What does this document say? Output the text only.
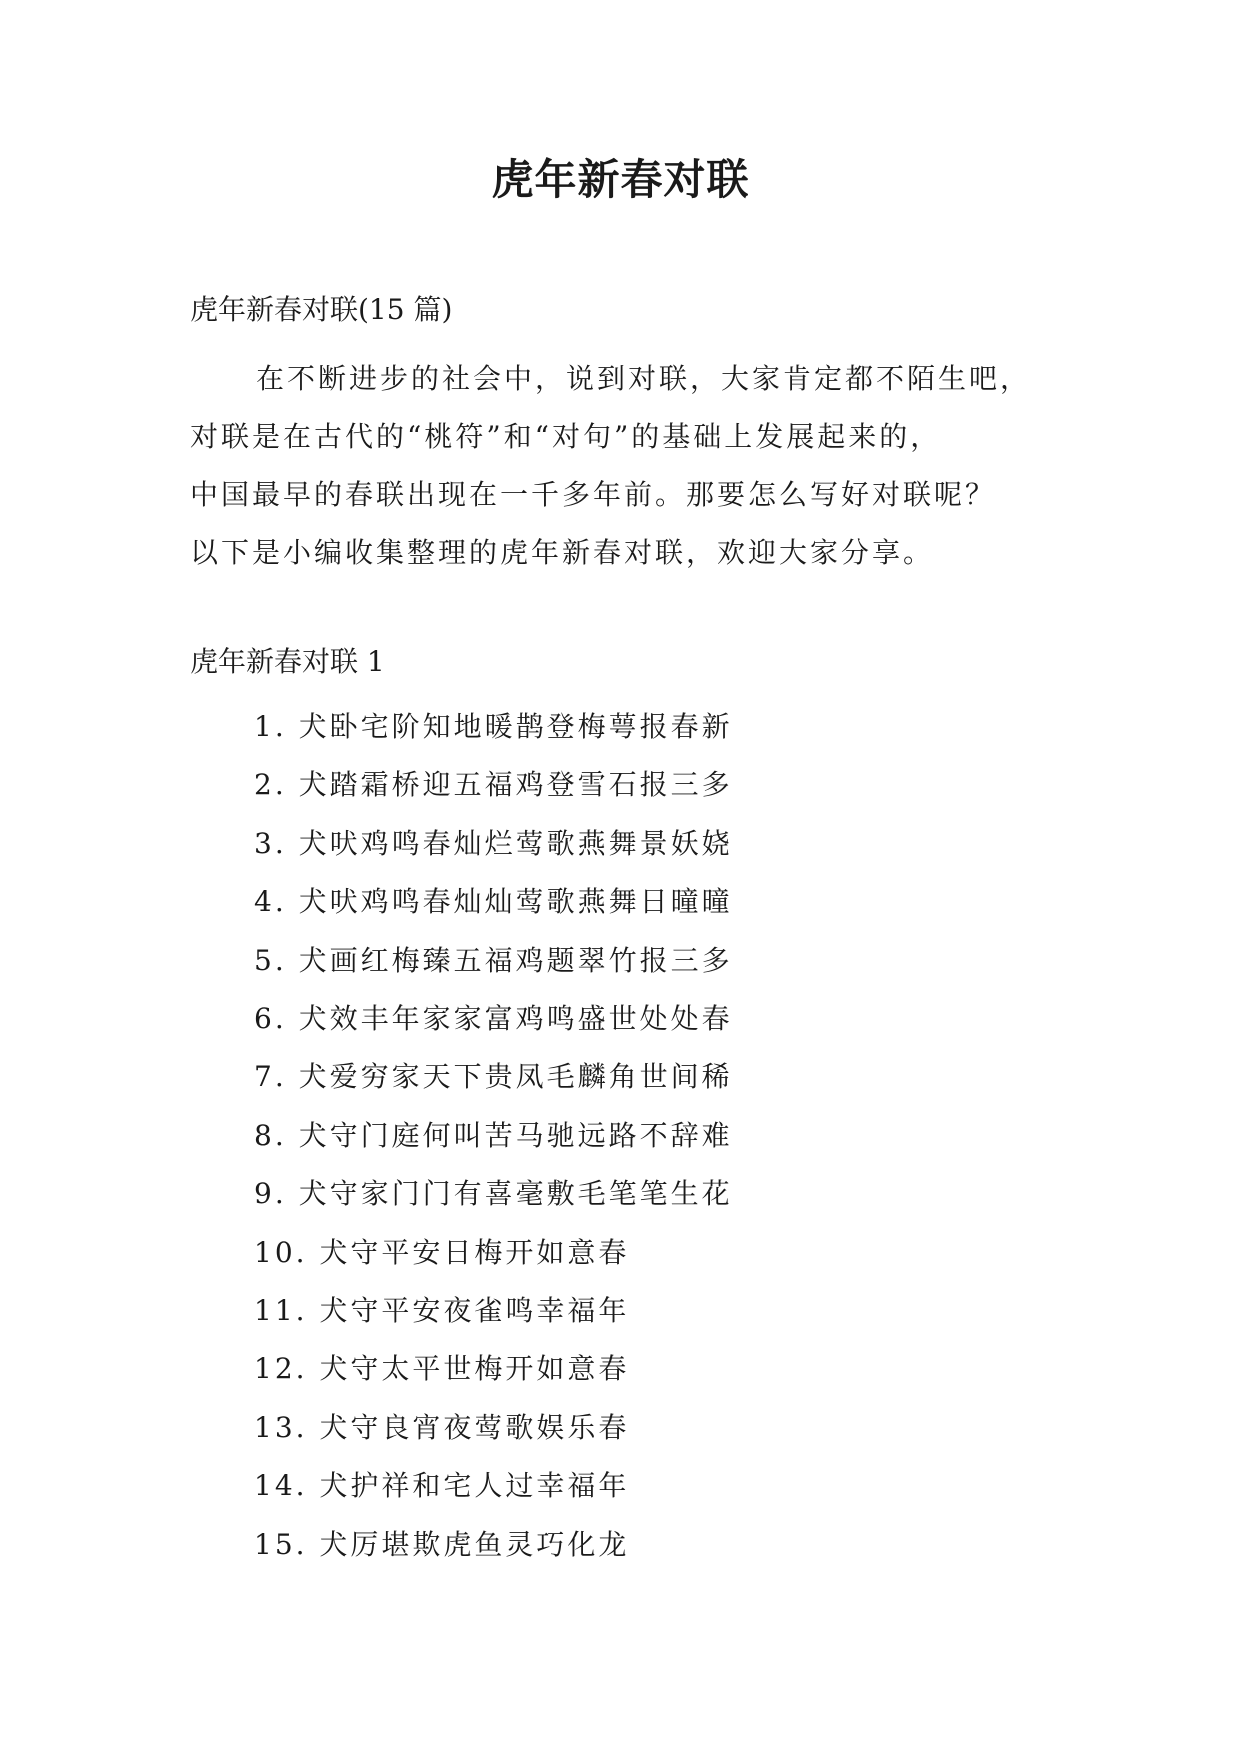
虎年新春对联

虎年新春对联(15 篇)

在不断进步的社会中，说到对联，大家肯定都不陌生吧，
对联是在古代的“桃符”和“对句”的基础上发展起来的，
中国最早的春联出现在一千多年前。那要怎么写好对联呢？
以下是小编收集整理的虎年新春对联，欢迎大家分享。
虎年新春对联 1
1. 犬卧宅阶知地暖鹊登梅萼报春新
2. 犬踏霜桥迎五福鸡登雪石报三多
3. 犬吠鸡鸣春灿烂莺歌燕舞景妖娆
4. 犬吠鸡鸣春灿灿莺歌燕舞日曈曈
5. 犬画红梅臻五福鸡题翠竹报三多
6. 犬效丰年家家富鸡鸣盛世处处春
7. 犬爱穷家天下贵凤毛麟角世间稀
8. 犬守门庭何叫苦马驰远路不辞难
9. 犬守家门门有喜毫敷毛笔笔生花
10. 犬守平安日梅开如意春
11. 犬守平安夜雀鸣幸福年
12. 犬守太平世梅开如意春
13. 犬守良宵夜莺歌娱乐春
14. 犬护祥和宅人过幸福年
15. 犬厉堪欺虎鱼灵巧化龙
